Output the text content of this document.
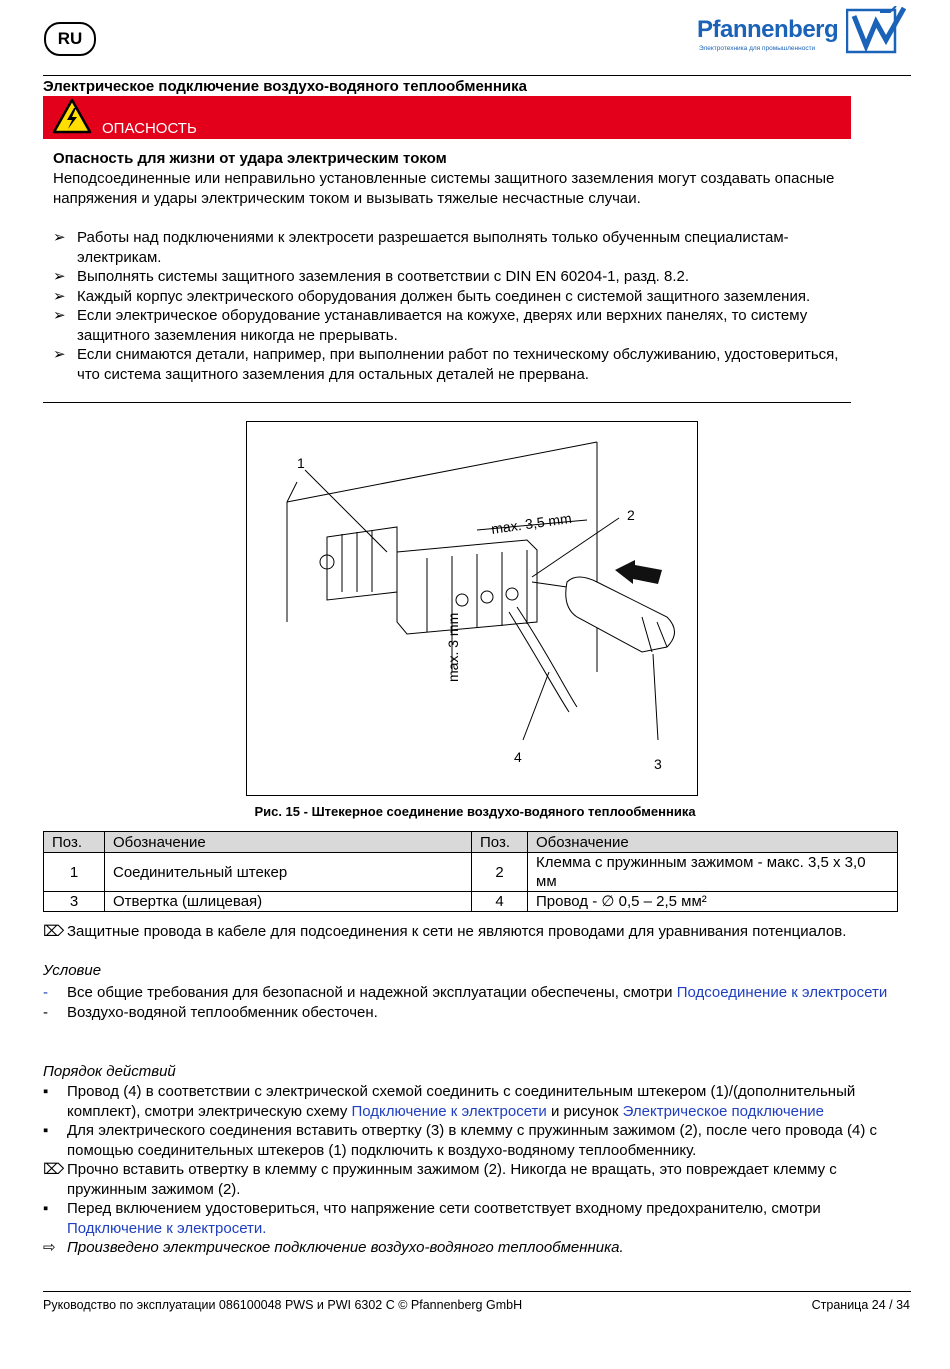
RU	Pfannenberg
Электротехника для промышленности
Электрическое подключение воздухо-водяного теплообменника
ОПАСНОСТЬ
Опасность для жизни от удара электрическим током
Неподсоединенные или неправильно установленные системы защитного заземления могут создавать опасные напряжения и удары электрическим током и вызывать тяжелые несчастные случаи.
➢ Работы над подключениями к электросети разрешается выполнять только обученным специалистам-электрикам.
➢ Выполнять системы защитного заземления в соответствии с DIN EN 60204-1, разд. 8.2.
➢ Каждый корпус электрического оборудования должен быть соединен с системой защитного заземления.
➢ Если электрическое оборудование устанавливается на кожухе, дверях или верхних панелях, то систему защитного заземления никогда не прерывать.
➢ Если снимаются детали, например, при выполнении работ по техническому обслуживанию, удостовериться, что система защитного заземления для остальных деталей не прервана.
1
2
3
4
max. 3,5 mm
max. 3 mm
Рис. 15 - Штекерное соединение воздухо-водяного теплообменника
Поз.	Обозначение	Поз.	Обозначение
1	Соединительный штекер	2	Клемма с пружинным зажимом - макс. 3,5 x 3,0 мм
3	Отвертка (шлицевая)	4	Провод - ∅ 0,5 – 2,5 мм²
⌦ Защитные провода в кабеле для подсоединения к сети не являются проводами для уравнивания потенциалов.
Условие
- Все общие требования для безопасной и надежной эксплуатации обеспечены, смотри Подсоединение к электросети
- Воздухо-водяной теплообменник обесточен.
Порядок действий
▪ Провод (4) в соответствии с электрической схемой соединить с соединительным штекером (1)/(дополнительный комплект), смотри электрическую схему Подключение к электросети и рисунок Электрическое подключение
▪ Для электрического соединения вставить отвертку (3) в клемму с пружинным зажимом (2), после чего провода (4) с помощью соединительных штекеров (1) подключить к воздухо-водяному теплообменнику.
⌦ Прочно вставить отвертку в клемму с пружинным зажимом (2). Никогда не вращать, это повреждает клемму с пружинным зажимом (2).
▪ Перед включением удостовериться, что напряжение сети соответствует входному предохранителю, смотри Подключение к электросети.
⇨ Произведено электрическое подключение воздухо-водяного теплообменника.
Руководство по эксплуатации 086100048 PWS и PWI 6302 C © Pfannenberg GmbH	Страница 24 / 34
